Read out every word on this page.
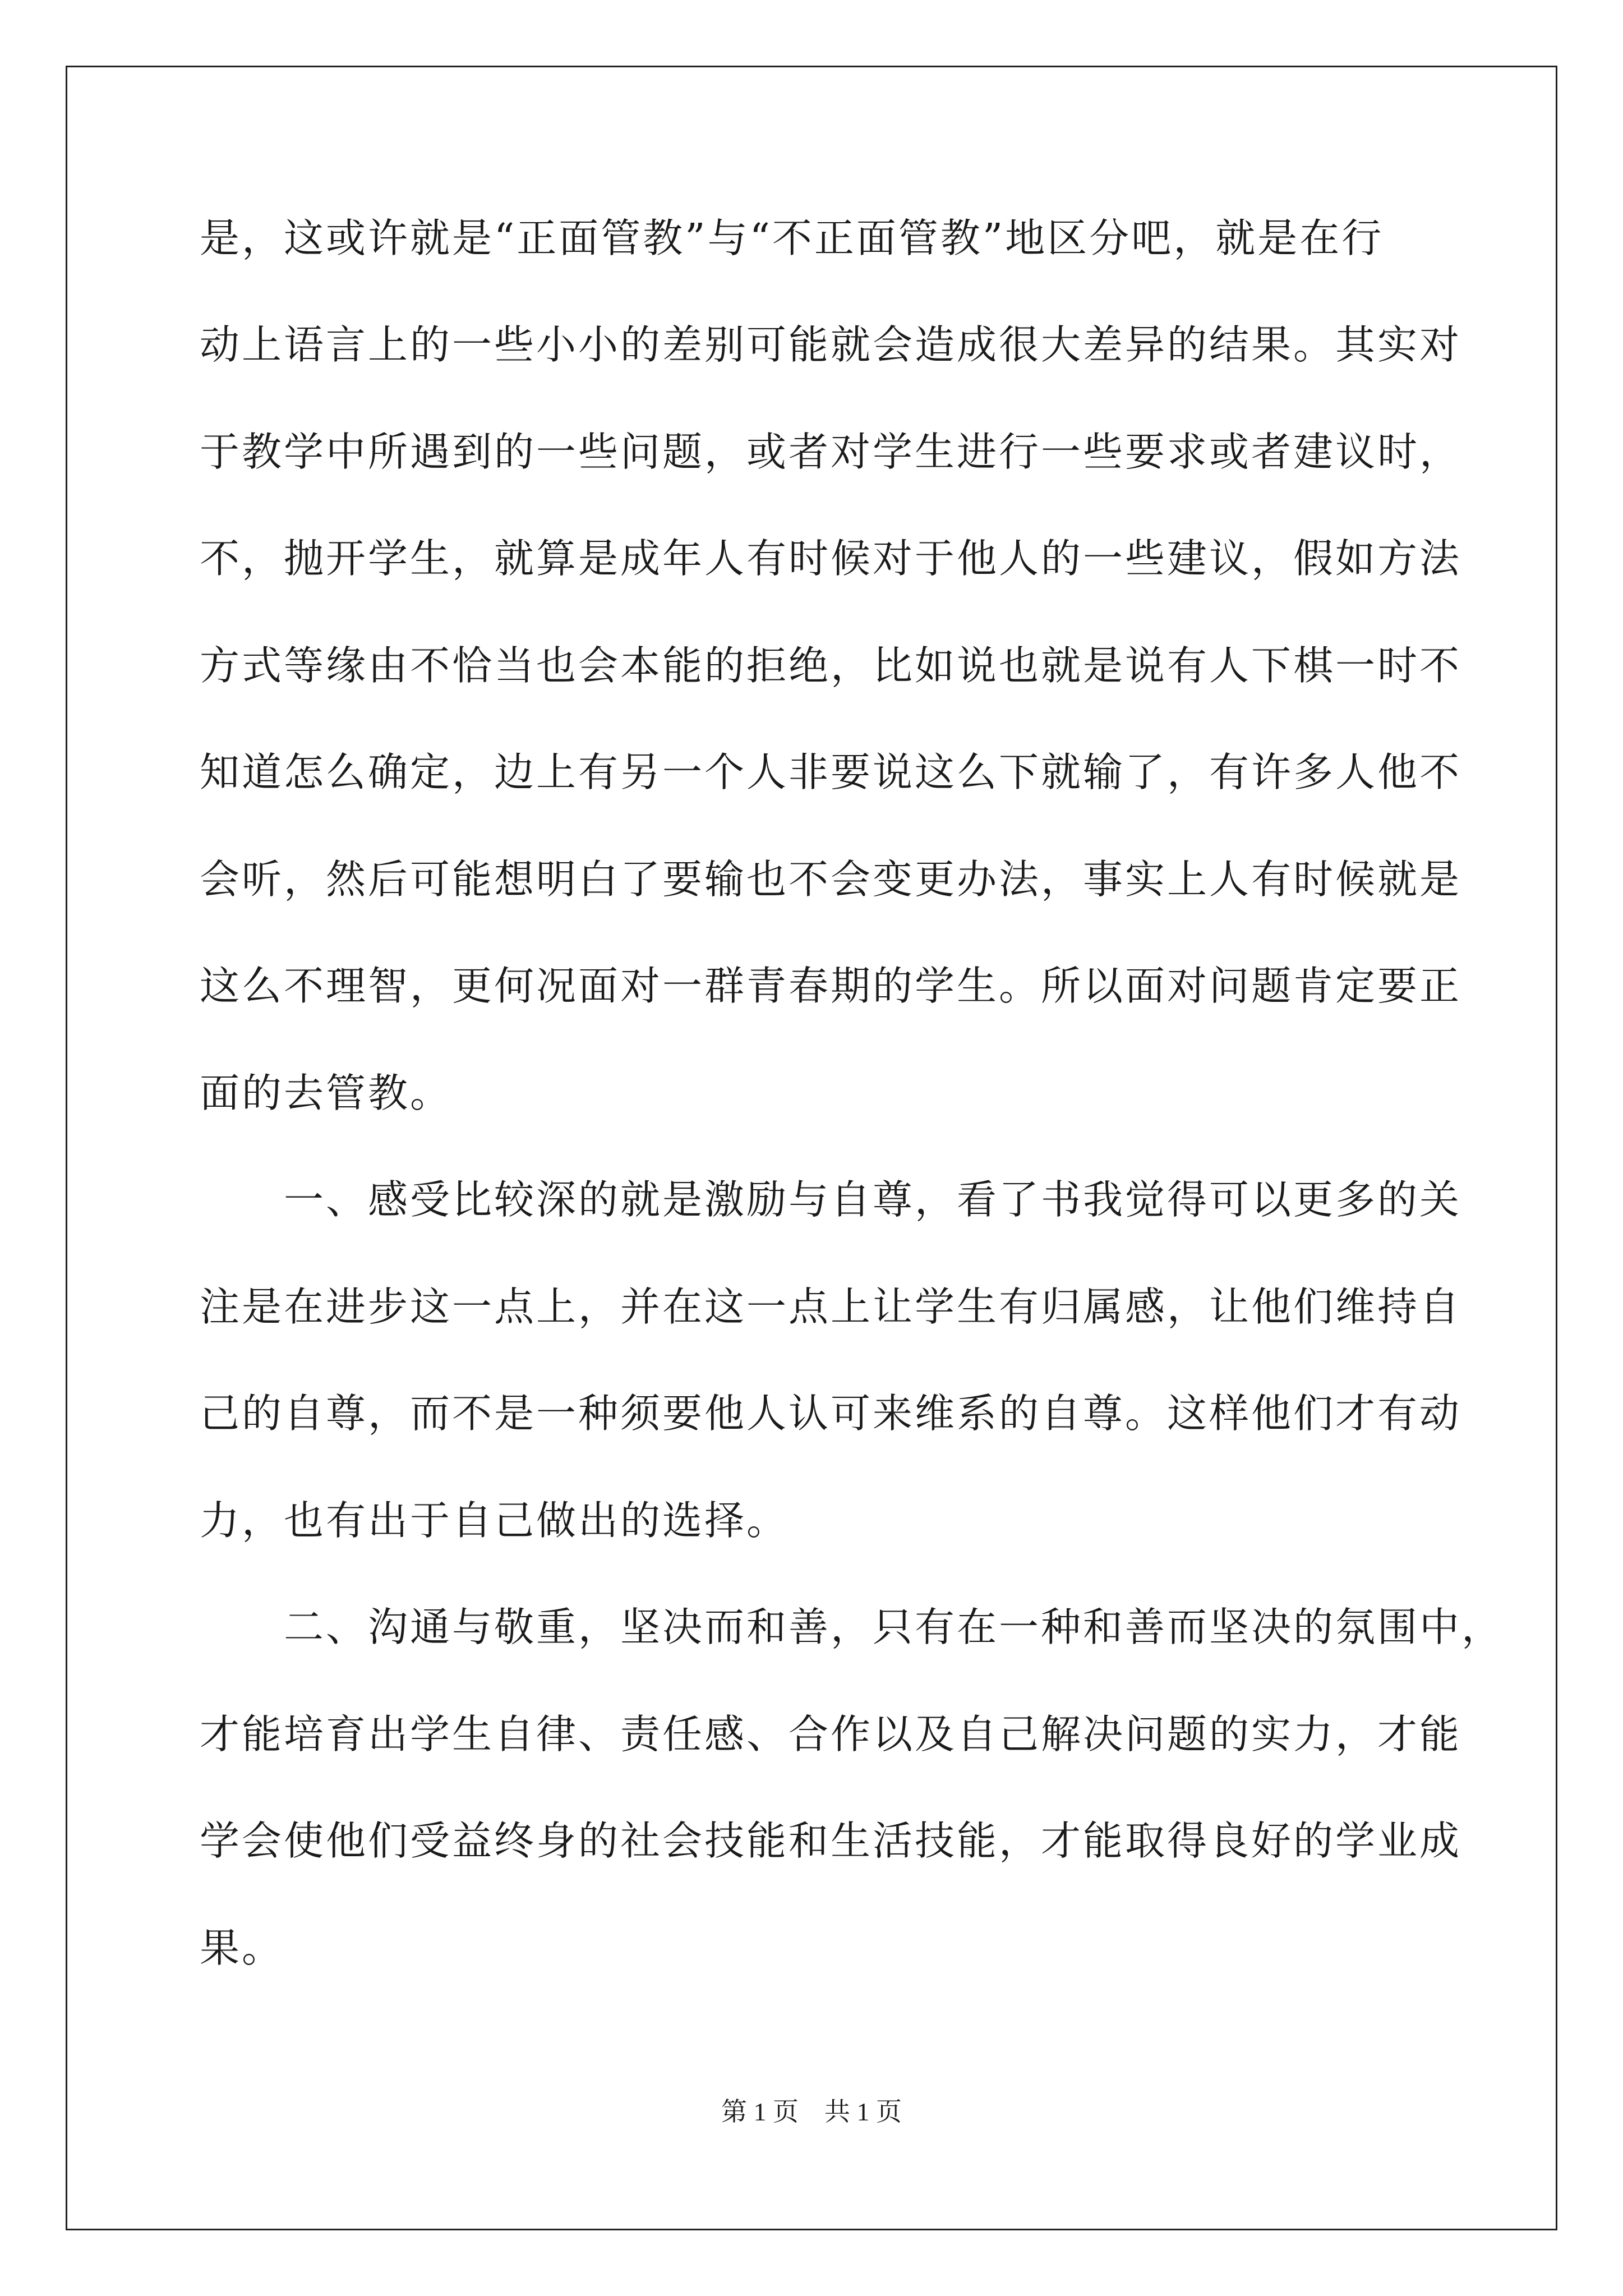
是，这或许就是“正面管教”与“不正面管教”地区分吧，就是在行
动上语言上的一些小小的差别可能就会造成很大差异的结果。其实对
于教学中所遇到的一些问题，或者对学生进行一些要求或者建议时，
不，抛开学生，就算是成年人有时候对于他人的一些建议，假如方法
方式等缘由不恰当也会本能的拒绝，比如说也就是说有人下棋一时不
知道怎么确定，边上有另一个人非要说这么下就输了，有许多人他不
会听，然后可能想明白了要输也不会变更办法，事实上人有时候就是
这么不理智，更何况面对一群青春期的学生。所以面对问题肯定要正
面的去管教。
　　一、感受比较深的就是激励与自尊，看了书我觉得可以更多的关
注是在进步这一点上，并在这一点上让学生有归属感，让他们维持自
己的自尊，而不是一种须要他人认可来维系的自尊。这样他们才有动
力，也有出于自己做出的选择。
　　二、沟通与敬重，坚决而和善，只有在一种和善而坚决的氛围中，
才能培育出学生自律、责任感、合作以及自己解决问题的实力，才能
学会使他们受益终身的社会技能和生活技能，才能取得良好的学业成
果。
第 1 页　共 1 页
